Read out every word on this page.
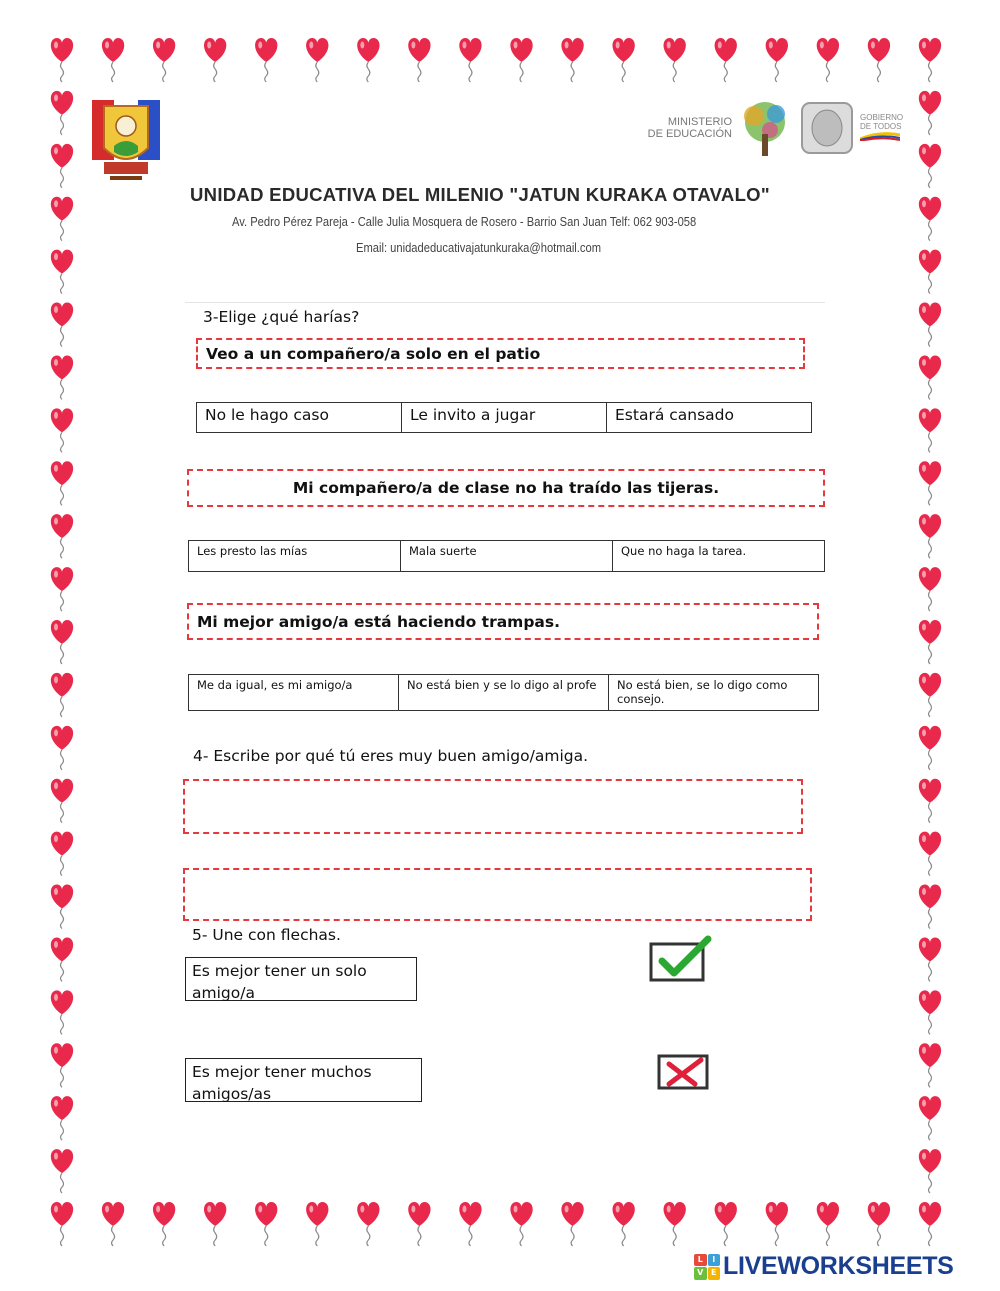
MINISTERIO
DE EDUCACIÓN
GOBIERNO
DE TODOS
UNIDAD EDUCATIVA DEL MILENIO "JATUN KURAKA OTAVALO"
Av. Pedro Pérez Pareja - Calle Julia Mosquera de Rosero - Barrio San Juan Telf: 062 903-058
Email: unidadeducativajatunkuraka@hotmail.com
3-Elige ¿qué harías?
Veo a un compañero/a solo en el patio
No le hago caso	Le invito a jugar	Estará cansado
Mi compañero/a de clase no ha traído las tijeras.
Les presto las mías	Mala suerte	Que no haga la tarea.
Mi mejor amigo/a está haciendo trampas.
Me da igual, es mi amigo/a	No está bien y se lo digo al profe	No está bien, se lo digo como consejo.
4- Escribe por qué tú eres muy buen amigo/amiga.
5- Une con flechas.
Es mejor tener un solo amigo/a
Es mejor tener muchos amigos/as
L	I
V E LIVEWORKSHEETS
